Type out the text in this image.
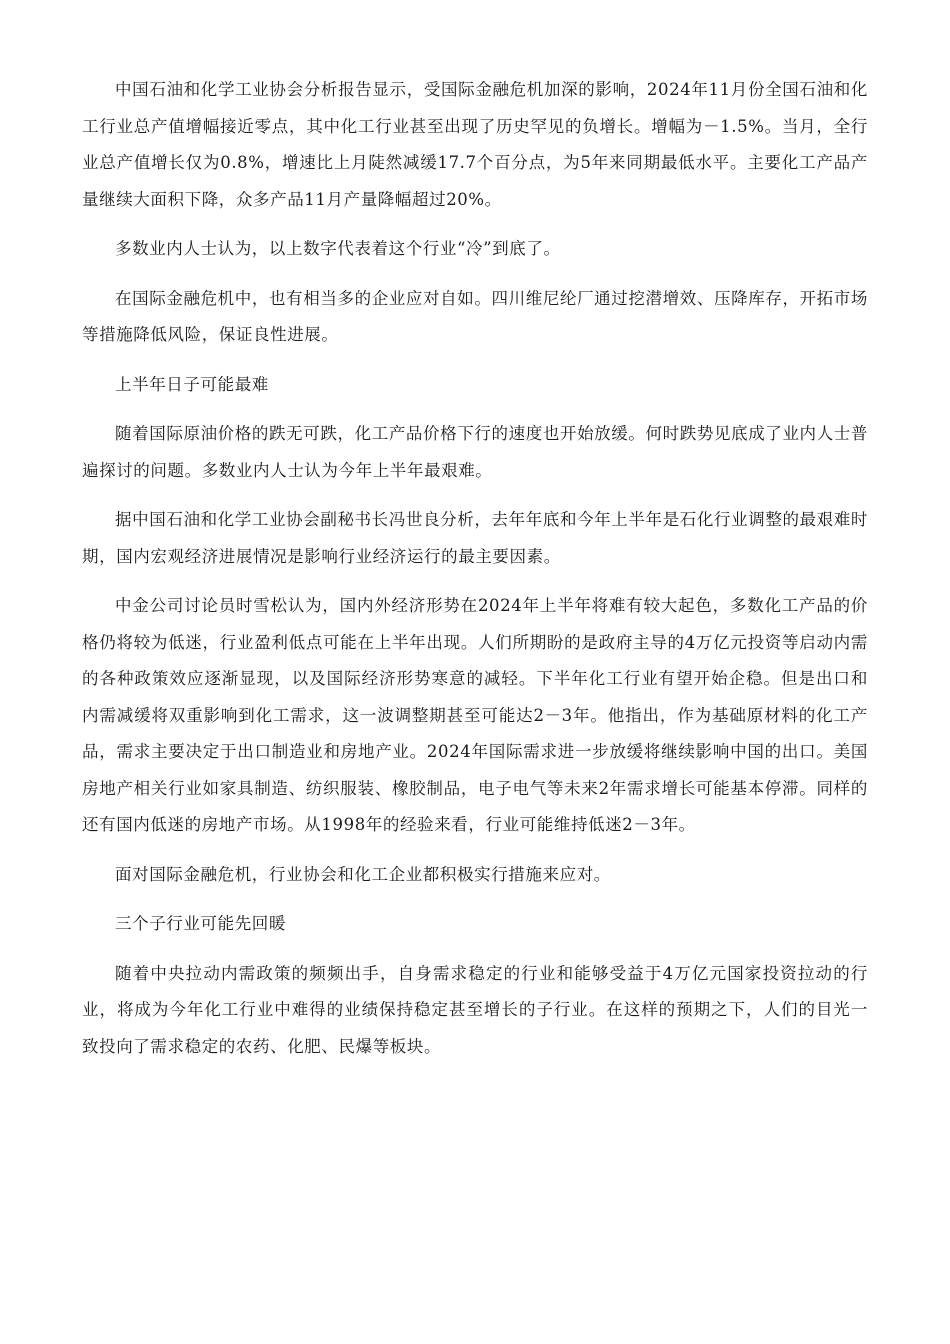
中国石油和化学工业协会分析报告显示，受国际金融危机加深的影响，2024年11月份全国石油和化工行业总产值增幅接近零点，其中化工行业甚至出现了历史罕见的负增长。增幅为－1.5%。当月，全行业总产值增长仅为0.8%，增速比上月陡然减缓17.7个百分点，为5年来同期最低水平。主要化工产品产量继续大面积下降，众多产品11月产量降幅超过20%。

多数业内人士认为，以上数字代表着这个行业“冷”到底了。

在国际金融危机中，也有相当多的企业应对自如。四川维尼纶厂通过挖潜增效、压降库存，开拓市场等措施降低风险，保证良性进展。

上半年日子可能最难

随着国际原油价格的跌无可跌，化工产品价格下行的速度也开始放缓。何时跌势见底成了业内人士普遍探讨的问题。多数业内人士认为今年上半年最艰难。

据中国石油和化学工业协会副秘书长冯世良分析，去年年底和今年上半年是石化行业调整的最艰难时期，国内宏观经济进展情况是影响行业经济运行的最主要因素。

中金公司讨论员时雪松认为，国内外经济形势在2024年上半年将难有较大起色，多数化工产品的价格仍将较为低迷，行业盈利低点可能在上半年出现。人们所期盼的是政府主导的4万亿元投资等启动内需的各种政策效应逐渐显现，以及国际经济形势寒意的减轻。下半年化工行业有望开始企稳。但是出口和内需减缓将双重影响到化工需求，这一波调整期甚至可能达2－3年。他指出，作为基础原材料的化工产品，需求主要决定于出口制造业和房地产业。2024年国际需求进一步放缓将继续影响中国的出口。美国房地产相关行业如家具制造、纺织服装、橡胶制品，电子电气等未来2年需求增长可能基本停滞。同样的还有国内低迷的房地产市场。从1998年的经验来看，行业可能维持低迷2－3年。

面对国际金融危机，行业协会和化工企业都积极实行措施来应对。

三个子行业可能先回暖

随着中央拉动内需政策的频频出手，自身需求稳定的行业和能够受益于4万亿元国家投资拉动的行业，将成为今年化工行业中难得的业绩保持稳定甚至增长的子行业。在这样的预期之下，人们的目光一致投向了需求稳定的农药、化肥、民爆等板块。
